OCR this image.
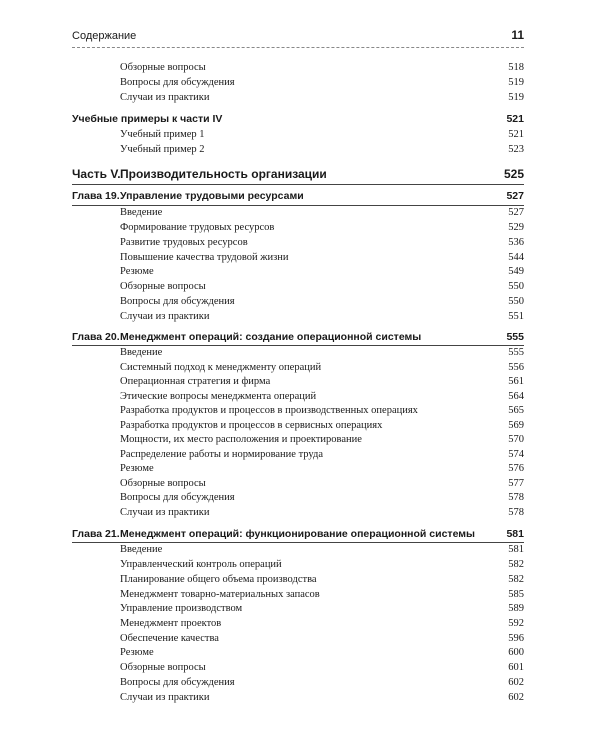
Содержание	11
Обзорные вопросы	518
Вопросы для обсуждения	519
Случаи из практики	519
Учебные примеры к части IV	521
Учебный пример 1	521
Учебный пример 2	523
Часть V. Производительность организации	525
Глава 19. Управление трудовыми ресурсами	527
Введение	527
Формирование трудовых ресурсов	529
Развитие трудовых ресурсов	536
Повышение качества трудовой жизни	544
Резюме	549
Обзорные вопросы	550
Вопросы для обсуждения	550
Случаи из практики	551
Глава 20. Менеджмент операций: создание операционной системы	555
Введение	555
Системный подход к менеджменту операций	556
Операционная стратегия и фирма	561
Этические вопросы менеджмента операций	564
Разработка продуктов и процессов в производственных операциях	565
Разработка продуктов и процессов в сервисных операциях	569
Мощности, их место расположения и проектирование	570
Распределение работы и нормирование труда	574
Резюме	576
Обзорные вопросы	577
Вопросы для обсуждения	578
Случаи из практики	578
Глава 21. Менеджмент операций: функционирование операционной системы	581
Введение	581
Управленческий контроль операций	582
Планирование общего объема производства	582
Менеджмент товарно-материальных запасов	585
Управление производством	589
Менеджмент проектов	592
Обеспечение качества	596
Резюме	600
Обзорные вопросы	601
Вопросы для обсуждения	602
Случаи из практики	602
